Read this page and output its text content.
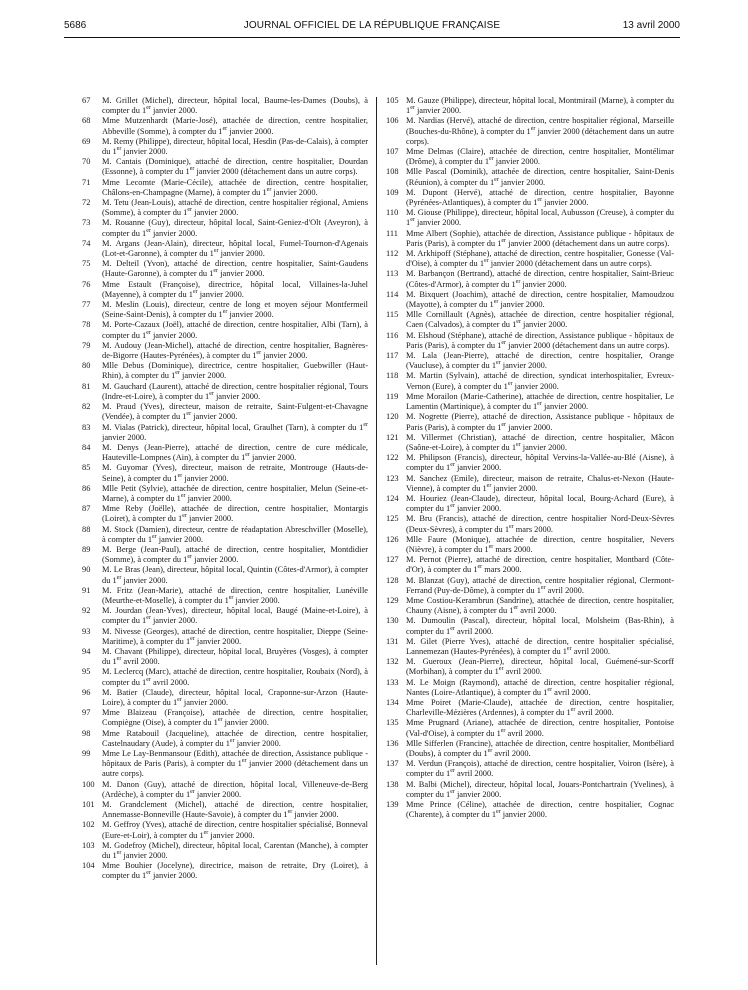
5686	JOURNAL OFFICIEL DE LA RÉPUBLIQUE FRANÇAISE	13 avril 2000
67	M. Grillet (Michel), directeur, hôpital local, Baume-les-Dames (Doubs), à compter du 1er janvier 2000.
68	Mme Mutzenhardt (Marie-José), attachée de direction, centre hospitalier, Abbeville (Somme), à compter du 1er janvier 2000.
69	M. Remy (Philippe), directeur, hôpital local, Hesdin (Pas-de-Calais), à compter du 1er janvier 2000.
70	M. Cantais (Dominique), attaché de direction, centre hospitalier, Dourdan (Essonne), à compter du 1er janvier 2000 (détachement dans un autre corps).
71	Mme Lecomte (Marie-Cécile), attachée de direction, centre hospitalier, Châlons-en-Champagne (Marne), à compter du 1er janvier 2000.
72	M. Tetu (Jean-Louis), attaché de direction, centre hospitalier régional, Amiens (Somme), à compter du 1er janvier 2000.
73	M. Rouanne (Guy), directeur, hôpital local, Saint-Geniez-d'Olt (Aveyron), à compter du 1er janvier 2000.
74	M. Argans (Jean-Alain), directeur, hôpital local, Fumel-Tournon-d'Agenais (Lot-et-Garonne), à compter du 1er janvier 2000.
75	M. Delteil (Yvon), attaché de direction, centre hospitalier, Saint-Gaudens (Haute-Garonne), à compter du 1er janvier 2000.
76	Mme Estault (Françoise), directrice, hôpital local, Villaines-la-Juhel (Mayenne), à compter du 1er janvier 2000.
77	M. Meslin (Louis), directeur, centre de long et moyen séjour Montfermeil (Seine-Saint-Denis), à compter du 1er janvier 2000.
78	M. Porte-Cazaux (Joël), attaché de direction, centre hospitalier, Albi (Tarn), à compter du 1er janvier 2000.
79	M. Audouy (Jean-Michel), attaché de direction, centre hospitalier, Bagnères-de-Bigorre (Hautes-Pyrénées), à compter du 1er janvier 2000.
80	Mlle Debus (Dominique), directrice, centre hospitalier, Guebwiller (Haut-Rhin), à compter du 1er janvier 2000.
81	M. Gauchard (Laurent), attaché de direction, centre hospitalier régional, Tours (Indre-et-Loire), à compter du 1er janvier 2000.
82	M. Praud (Yves), directeur, maison de retraite, Saint-Fulgent-et-Chavagne (Vendée), à compter du 1er janvier 2000.
83	M. Vialas (Patrick), directeur, hôpital local, Graulhet (Tarn), à compter du 1er janvier 2000.
84	M. Denys (Jean-Pierre), attaché de direction, centre de cure médicale, Hauteville-Lompnes (Ain), à compter du 1er janvier 2000.
85	M. Guyomar (Yves), directeur, maison de retraite, Montrouge (Hauts-de-Seine), à compter du 1er janvier 2000.
86	Mlle Petit (Sylvie), attachée de direction, centre hospitalier, Melun (Seine-et-Marne), à compter du 1er janvier 2000.
87	Mme Reby (Joëlle), attachée de direction, centre hospitalier, Montargis (Loiret), à compter du 1er janvier 2000.
88	M. Stock (Damien), directeur, centre de réadaptation Abreschviller (Moselle), à compter du 1er janvier 2000.
89	M. Berge (Jean-Paul), attaché de direction, centre hospitalier, Montdidier (Somme), à compter du 1er janvier 2000.
90	M. Le Bras (Jean), directeur, hôpital local, Quintin (Côtes-d'Armor), à compter du 1er janvier 2000.
91	M. Fritz (Jean-Marie), attaché de direction, centre hospitalier, Lunéville (Meurthe-et-Moselle), à compter du 1er janvier 2000.
92	M. Jourdan (Jean-Yves), directeur, hôpital local, Baugé (Maine-et-Loire), à compter du 1er janvier 2000.
93	M. Nivesse (Georges), attaché de direction, centre hospitalier, Dieppe (Seine-Maritime), à compter du 1er janvier 2000.
94	M. Chavant (Philippe), directeur, hôpital local, Bruyères (Vosges), à compter du 1er avril 2000.
95	M. Leclercq (Marc), attaché de direction, centre hospitalier, Roubaix (Nord), à compter du 1er avril 2000.
96	M. Batier (Claude), directeur, hôpital local, Craponne-sur-Arzon (Haute-Loire), à compter du 1er janvier 2000.
97	Mme Blaizeau (Françoise), attachée de direction, centre hospitalier, Compiègne (Oise), à compter du 1er janvier 2000.
98	Mme Ratabouil (Jacqueline), attachée de direction, centre hospitalier, Castelnaudary (Aude), à compter du 1er janvier 2000.
99	Mme Le Lay-Benmansour (Edith), attachée de direction, Assistance publique - hôpitaux de Paris (Paris), à compter du 1er janvier 2000 (détachement dans un autre corps).
100 M. Danon (Guy), attaché de direction, hôpital local, Villeneuve-de-Berg (Ardèche), à compter du 1er janvier 2000.
101 M. Grandclement (Michel), attaché de direction, centre hospitalier, Annemasse-Bonneville (Haute-Savoie), à compter du 1er janvier 2000.
102 M. Geffroy (Yves), attaché de direction, centre hospitalier spécialisé, Bonneval (Eure-et-Loir), à compter du 1er janvier 2000.
103 M. Godefroy (Michel), directeur, hôpital local, Carentan (Manche), à compter du 1er janvier 2000.
104 Mme Bouhier (Jocelyne), directrice, maison de retraite, Dry (Loiret), à compter du 1er janvier 2000.
105 M. Gauze (Philippe), directeur, hôpital local, Montmirail (Marne), à compter du 1er janvier 2000.
106 M. Nardias (Hervé), attaché de direction, centre hospitalier régional, Marseille (Bouches-du-Rhône), à compter du 1er janvier 2000 (détachement dans un autre corps).
107 Mme Delmas (Claire), attachée de direction, centre hospitalier, Montélimar (Drôme), à compter du 1er janvier 2000.
108 Mlle Pascal (Dominik), attachée de direction, centre hospitalier, Saint-Denis (Réunion), à compter du 1er janvier 2000.
109 M. Dupont (Hervé), attaché de direction, centre hospitalier, Bayonne (Pyrénées-Atlantiques), à compter du 1er janvier 2000.
110 M. Giouse (Philippe), directeur, hôpital local, Aubusson (Creuse), à compter du 1er janvier 2000.
111 Mme Albert (Sophie), attachée de direction, Assistance publique - hôpitaux de Paris (Paris), à compter du 1er janvier 2000 (détachement dans un autre corps).
112 M. Arkhipoff (Stéphane), attaché de direction, centre hospitalier, Gonesse (Val-d'Oise), à compter du 1er janvier 2000 (détachement dans un autre corps).
113 M. Barbançon (Bertrand), attaché de direction, centre hospitalier, Saint-Brieuc (Côtes-d'Armor), à compter du 1er janvier 2000.
114 M. Bixquert (Joachim), attaché de direction, centre hospitalier, Mamoudzou (Mayotte), à compter du 1er janvier 2000.
115 Mlle Cornillault (Agnès), attachée de direction, centre hospitalier régional, Caen (Calvados), à compter du 1er janvier 2000.
116 M. Elshoud (Stéphane), attaché de direction, Assistance publique - hôpitaux de Paris (Paris), à compter du 1er janvier 2000 (détachement dans un autre corps).
117 M. Lala (Jean-Pierre), attaché de direction, centre hospitalier, Orange (Vaucluse), à compter du 1er janvier 2000.
118 M. Martin (Sylvain), attaché de direction, syndicat interhospitalier, Evreux-Vernon (Eure), à compter du 1er janvier 2000.
119 Mme Morailon (Marie-Catherine), attachée de direction, centre hospitalier, Le Lamentin (Martinique), à compter du 1er janvier 2000.
120 M. Nogrette (Pierre), attaché de direction, Assistance publique - hôpitaux de Paris (Paris), à compter du 1er janvier 2000.
121 M. Villermet (Christian), attaché de direction, centre hospitalier, Mâcon (Saône-et-Loire), à compter du 1er janvier 2000.
122 M. Philipson (Francis), directeur, hôpital Vervins-la-Vallée-au-Blé (Aisne), à compter du 1er janvier 2000.
123 M. Sanchez (Emile), directeur, maison de retraite, Chalus-et-Nexon (Haute-Vienne), à compter du 1er janvier 2000.
124 M. Houriez (Jean-Claude), directeur, hôpital local, Bourg-Achard (Eure), à compter du 1er janvier 2000.
125 M. Bru (Francis), attaché de direction, centre hospitalier Nord-Deux-Sèvres (Deux-Sèvres), à compter du 1er mars 2000.
126 Mlle Faure (Monique), attachée de direction, centre hospitalier, Nevers (Nièvre), à compter du 1er mars 2000.
127 M. Pernot (Pierre), attaché de direction, centre hospitalier, Montbard (Côte-d'Or), à compter du 1er mars 2000.
128 M. Blanzat (Guy), attaché de direction, centre hospitalier régional, Clermont-Ferrand (Puy-de-Dôme), à compter du 1er avril 2000.
129 Mme Costiou-Kerambrun (Sandrine), attachée de direction, centre hospitalier, Chauny (Aisne), à compter du 1er avril 2000.
130 M. Dumoulin (Pascal), directeur, hôpital local, Molsheim (Bas-Rhin), à compter du 1er avril 2000.
131 M. Gilet (Pierre Yves), attaché de direction, centre hospitalier spécialisé, Lannemezan (Hautes-Pyrénées), à compter du 1er avril 2000.
132 M. Gueroux (Jean-Pierre), directeur, hôpital local, Guémené-sur-Scorff (Morbihan), à compter du 1er avril 2000.
133 M. Le Moign (Raymond), attaché de direction, centre hospitalier régional, Nantes (Loire-Atlantique), à compter du 1er avril 2000.
134 Mme Poiret (Marie-Claude), attachée de direction, centre hospitalier, Charleville-Mézières (Ardennes), à compter du 1er avril 2000.
135 Mme Prugnard (Ariane), attachée de direction, centre hospitalier, Pontoise (Val-d'Oise), à compter du 1er avril 2000.
136 Mlle Sifferlen (Francine), attachée de direction, centre hospitalier, Montbéliard (Doubs), à compter du 1er avril 2000.
137 M. Verdun (François), attaché de direction, centre hospitalier, Voiron (Isère), à compter du 1er avril 2000.
138 M. Balbi (Michel), directeur, hôpital local, Jouars-Pontchartrain (Yvelines), à compter du 1er janvier 2000.
139 Mme Prince (Céline), attachée de direction, centre hospitalier, Cognac (Charente), à compter du 1er janvier 2000.
